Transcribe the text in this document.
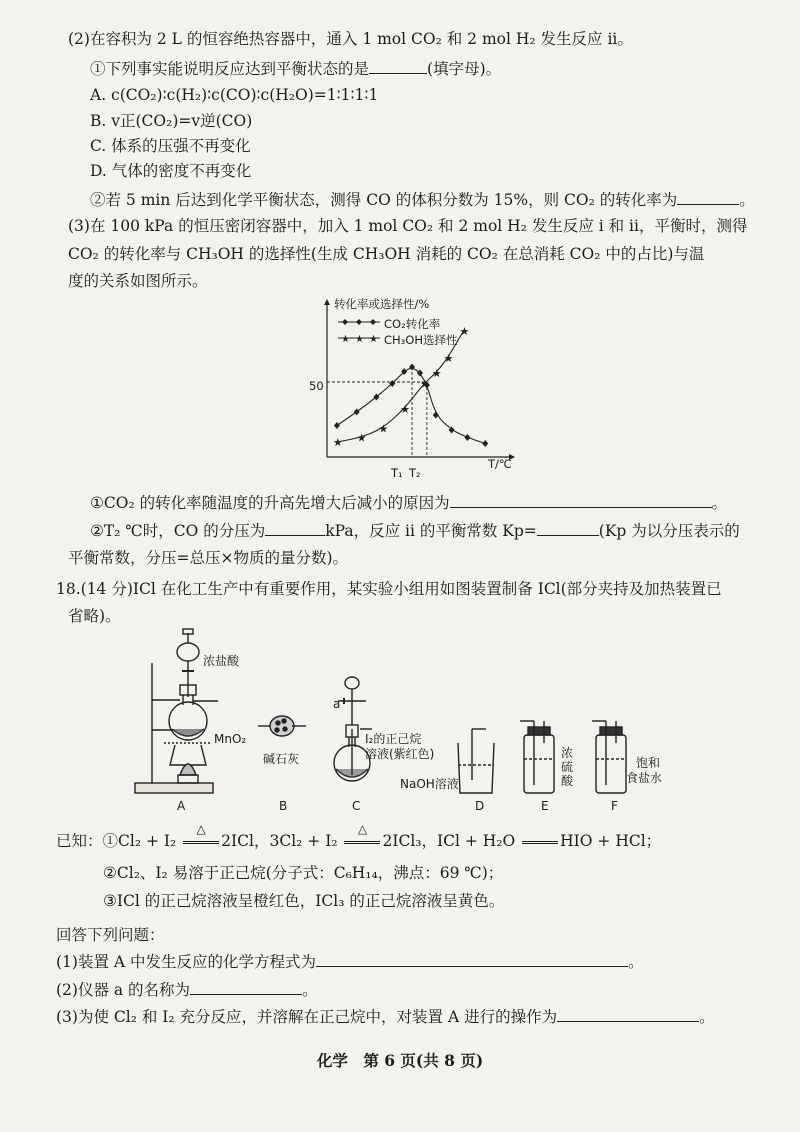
(2)在容积为 2 L 的恒容绝热容器中，通入 1 mol CO₂ 和 2 mol H₂ 发生反应 ii。
①下列事实能说明反应达到平衡状态的是	(填字母)。
A. c(CO₂)∶c(H₂)∶c(CO)∶c(H₂O)=1∶1∶1∶1
B. v正(CO₂)=v逆(CO)
C. 体系的压强不再变化
D. 气体的密度不再变化
②若 5 min 后达到化学平衡状态，测得 CO 的体积分数为 15%，则 CO₂ 的转化率为	。
(3)在 100 kPa 的恒压密闭容器中，加入 1 mol CO₂ 和 2 mol H₂ 发生反应 i 和 ii，平衡时，测得
CO₂ 的转化率与 CH₃OH 的选择性(生成 CH₃OH 消耗的 CO₂ 在总消耗 CO₂ 中的占比)与温
度的关系如图所示。
★ ★ ★
★ ★
★
★
★
★
★
★
转化率或选择性/%
CO₂转化率
CH₃OH选择性
50
T₁ T₂
T/℃
①CO₂ 的转化率随温度的升高先增大后减小的原因为	。
②T₂ ℃时，CO 的分压为	kPa，反应 ii 的平衡常数 Kp=	(Kp 为以分压表示的
平衡常数，分压=总压×物质的量分数)。
18.(14 分)ICl 在化工生产中有重要作用，某实验小组用如图装置制备 ICl(部分夹持及加热装置已
省略)。
浓盐酸
MnO₂
碱石灰
a
I₂的正己烷
溶液(紫红色)
NaOH溶液
浓
硫
酸
饱和
食盐水
A	B	C	D	E	F
已知：①Cl₂ + I₂
△
2ICl，3Cl₂ + I₂
△
2ICl₃，ICl + H₂O	HIO + HCl；
②Cl₂、I₂ 易溶于正己烷(分子式：C₆H₁₄，沸点：69 ℃)；
③ICl 的正己烷溶液呈橙红色，ICl₃ 的正己烷溶液呈黄色。
回答下列问题：
(1)装置 A 中发生反应的化学方程式为	。
(2)仪器 a 的名称为	。
(3)为使 Cl₂ 和 I₂ 充分反应，并溶解在正己烷中，对装置 A 进行的操作为	。
化学　第 6 页(共 8 页)
